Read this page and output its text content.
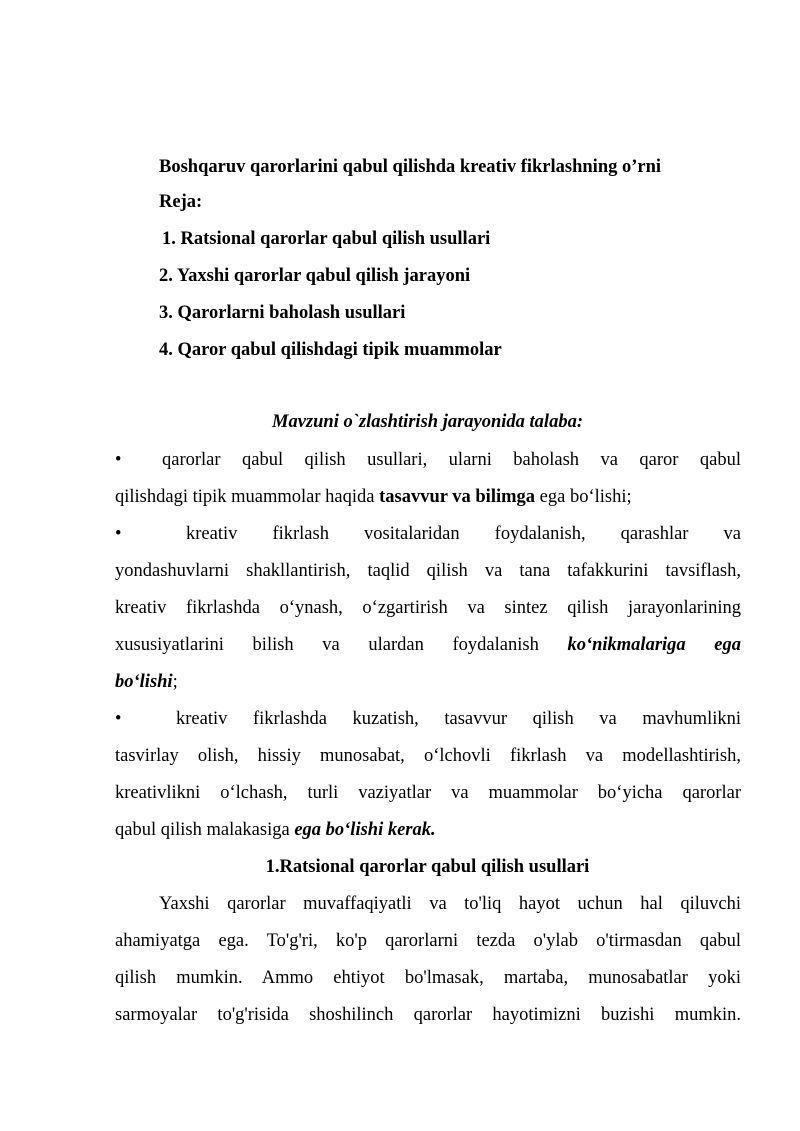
Boshqaruv qarorlarini qabul qilishda kreativ fikrlashning o’rni
Reja:
1. Ratsional qarorlar qabul qilish usullari
2. Yaxshi qarorlar qabul qilish jarayoni
3. Qarorlarni baholash usullari
4. Qaror qabul qilishdagi tipik muammolar
Mavzuni o`zlashtirish jarayonida talaba:
• qarorlar qabul qilish usullari, ularni baholash va qaror qabul
qilishdagi tipik muammolar haqida tasavvur va bilimga ega bo‘lishi;
•	kreativ fikrlash vositalaridan foydalanish, qarashlar va
yondashuvlarni shakllantirish, taqlid qilish va tana tafakkurini tavsiflash,
kreativ fikrlashda o‘ynash, o‘zgartirish va sintez qilish jarayonlarining
xususiyatlarini bilish va ulardan foydalanish ko‘nikmalariga ega
bo‘lishi;
•	kreativ fikrlashda kuzatish, tasavvur qilish va mavhumlikni
tasvirlay olish, hissiy munosabat, o‘lchovli fikrlash va modellashtirish,
kreativlikni o‘lchash, turli vaziyatlar va muammolar bo‘yicha qarorlar
qabul qilish malakasiga ega bo‘lishi kerak.
1.Ratsional qarorlar qabul qilish usullari
Yaxshi qarorlar muvaffaqiyatli va to'liq hayot uchun hal qiluvchi
ahamiyatga ega. To'g'ri, ko'p qarorlarni tezda o'ylab o'tirmasdan qabul
qilish mumkin. Ammo ehtiyot bo'lmasak, martaba, munosabatlar yoki
sarmoyalar to'g'risida shoshilinch qarorlar hayotimizni buzishi mumkin.
